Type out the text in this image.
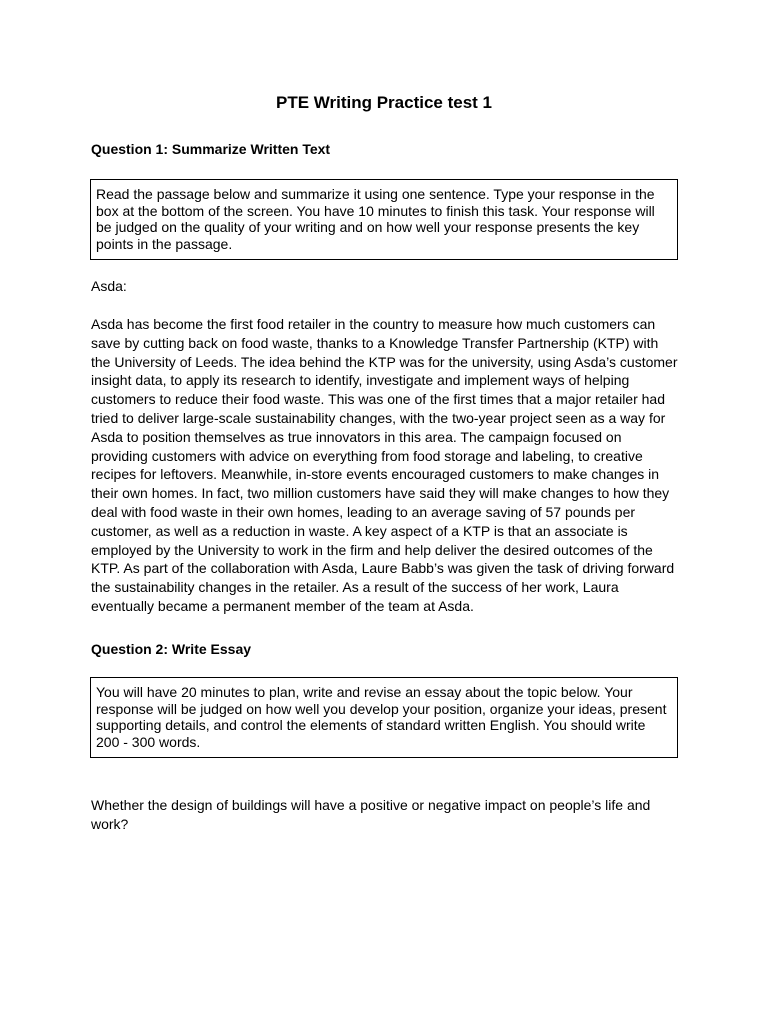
PTE Writing Practice test 1
Question 1: Summarize Written Text
Read the passage below and summarize it using one sentence. Type your response in the box at the bottom of the screen. You have 10 minutes to finish this task. Your response will be judged on the quality of your writing and on how well your response presents the key points in the passage.

Asda:

Asda has become the first food retailer in the country to measure how much customers can save by cutting back on food waste, thanks to a Knowledge Transfer Partnership (KTP) with the University of Leeds. The idea behind the KTP was for the university, using Asda’s customer insight data, to apply its research to identify, investigate and implement ways of helping customers to reduce their food waste. This was one of the first times that a major retailer had tried to deliver large-scale sustainability changes, with the two-year project seen as a way for Asda to position themselves as true innovators in this area. The campaign focused on providing customers with advice on everything from food storage and labeling, to creative recipes for leftovers. Meanwhile, in-store events encouraged customers to make changes in their own homes. In fact, two million customers have said they will make changes to how they deal with food waste in their own homes, leading to an average saving of 57 pounds per customer, as well as a reduction in waste. A key aspect of a KTP is that an associate is employed by the University to work in the firm and help deliver the desired outcomes of the KTP. As part of the collaboration with Asda, Laure Babb’s was given the task of driving forward the sustainability changes in the retailer. As a result of the success of her work, Laura eventually became a permanent member of the team at Asda.

Question 2: Write Essay
You will have 20 minutes to plan, write and revise an essay about the topic below. Your response will be judged on how well you develop your position, organize your ideas, present supporting details, and control the elements of standard written English. You should write 200 - 300 words.

Whether the design of buildings will have a positive or negative impact on people’s life and work?
